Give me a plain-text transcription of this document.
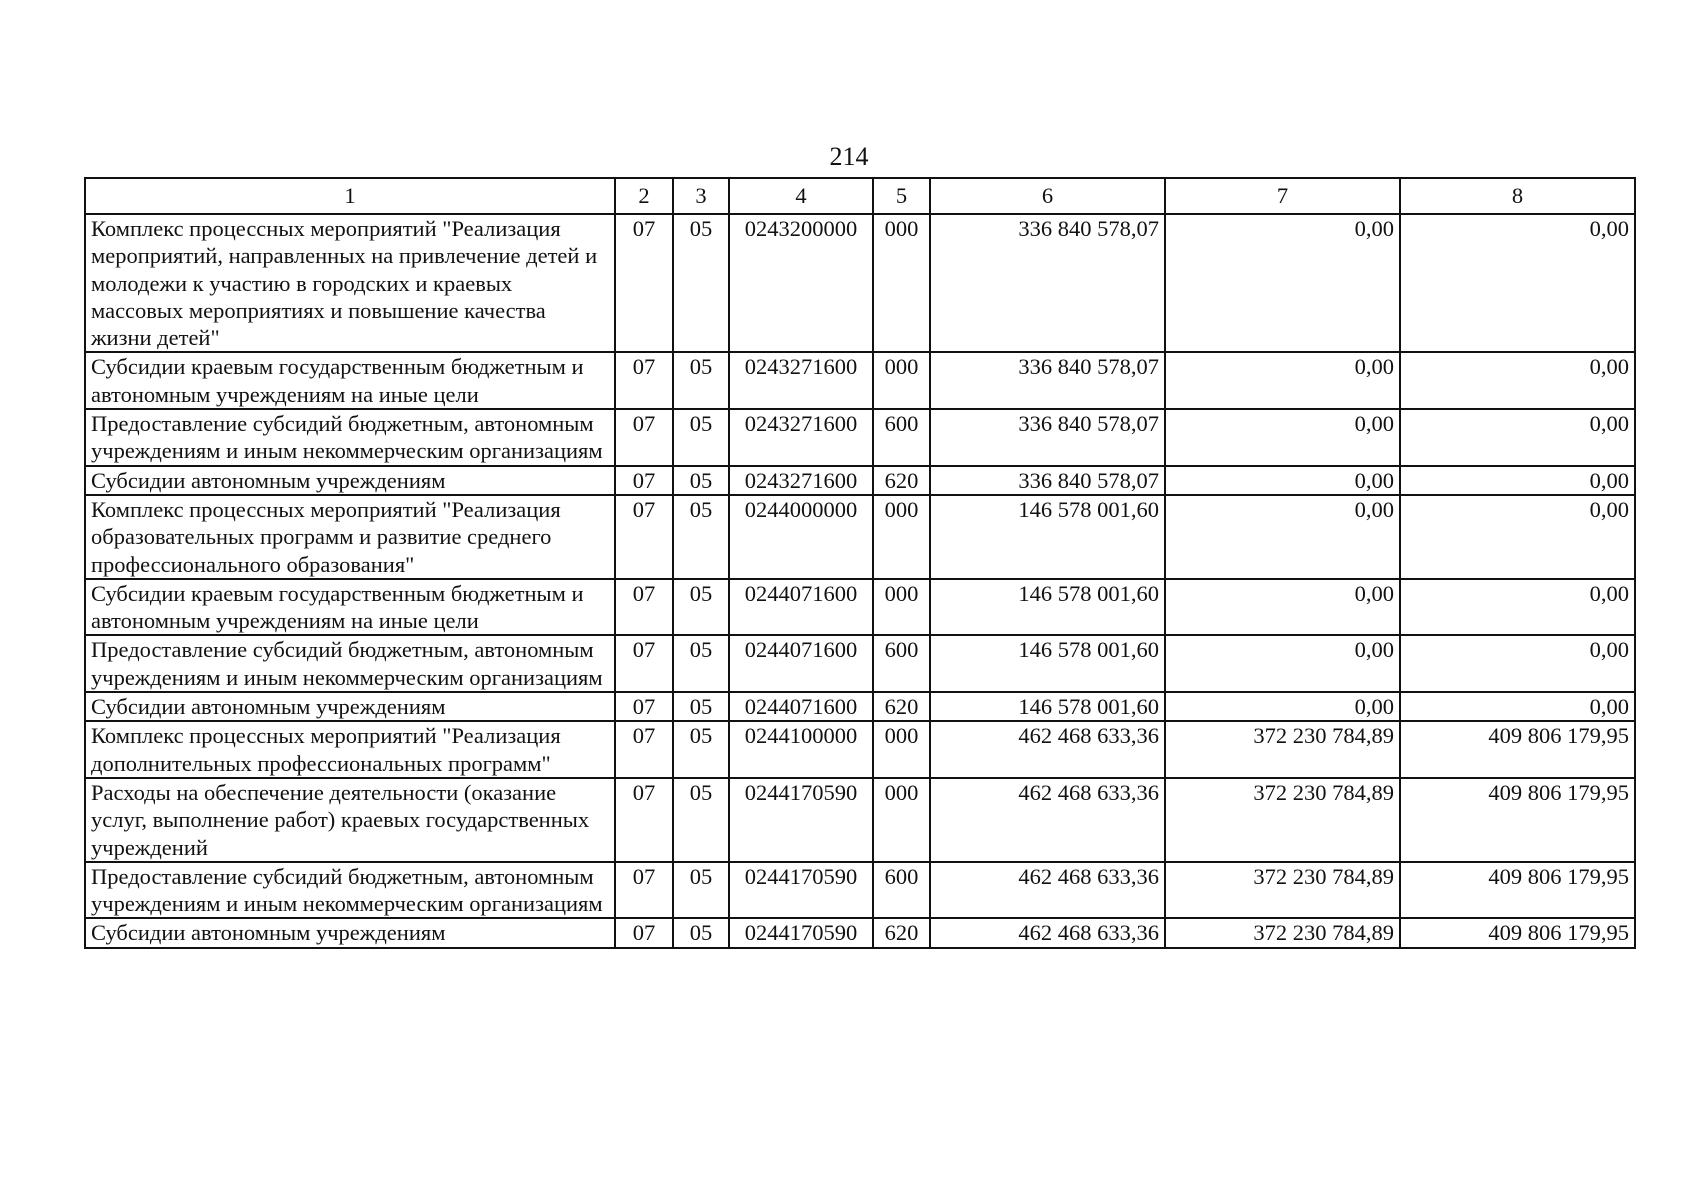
214
1	2	3	4	5	6	7	8
Комплекс процессных мероприятий "Реализация мероприятий, направленных на привлечение детей и молодежи к участию в городских и краевых массовых мероприятиях и повышение качества жизни детей"	07	05	0243200000	000	336 840 578,07	0,00	0,00
Субсидии краевым государственным бюджетным и автономным учреждениям на иные цели	07	05	0243271600	000	336 840 578,07	0,00	0,00
Предоставление субсидий бюджетным, автономным учреждениям и иным некоммерческим организациям	07	05	0243271600	600	336 840 578,07	0,00	0,00
Субсидии автономным учреждениям	07	05	0243271600	620	336 840 578,07	0,00	0,00
Комплекс процессных мероприятий "Реализация образовательных программ и развитие среднего профессионального образования"	07	05	0244000000	000	146 578 001,60	0,00	0,00
Субсидии краевым государственным бюджетным и автономным учреждениям на иные цели	07	05	0244071600	000	146 578 001,60	0,00	0,00
Предоставление субсидий бюджетным, автономным учреждениям и иным некоммерческим организациям	07	05	0244071600	600	146 578 001,60	0,00	0,00
Субсидии автономным учреждениям	07	05	0244071600	620	146 578 001,60	0,00	0,00
Комплекс процессных мероприятий "Реализация дополнительных профессиональных программ"	07	05	0244100000	000	462 468 633,36	372 230 784,89	409 806 179,95
Расходы на обеспечение деятельности (оказание услуг, выполнение работ) краевых государственных учреждений	07	05	0244170590	000	462 468 633,36	372 230 784,89	409 806 179,95
Предоставление субсидий бюджетным, автономным учреждениям и иным некоммерческим организациям	07	05	0244170590	600	462 468 633,36	372 230 784,89	409 806 179,95
Субсидии автономным учреждениям	07	05	0244170590	620	462 468 633,36	372 230 784,89	409 806 179,95
